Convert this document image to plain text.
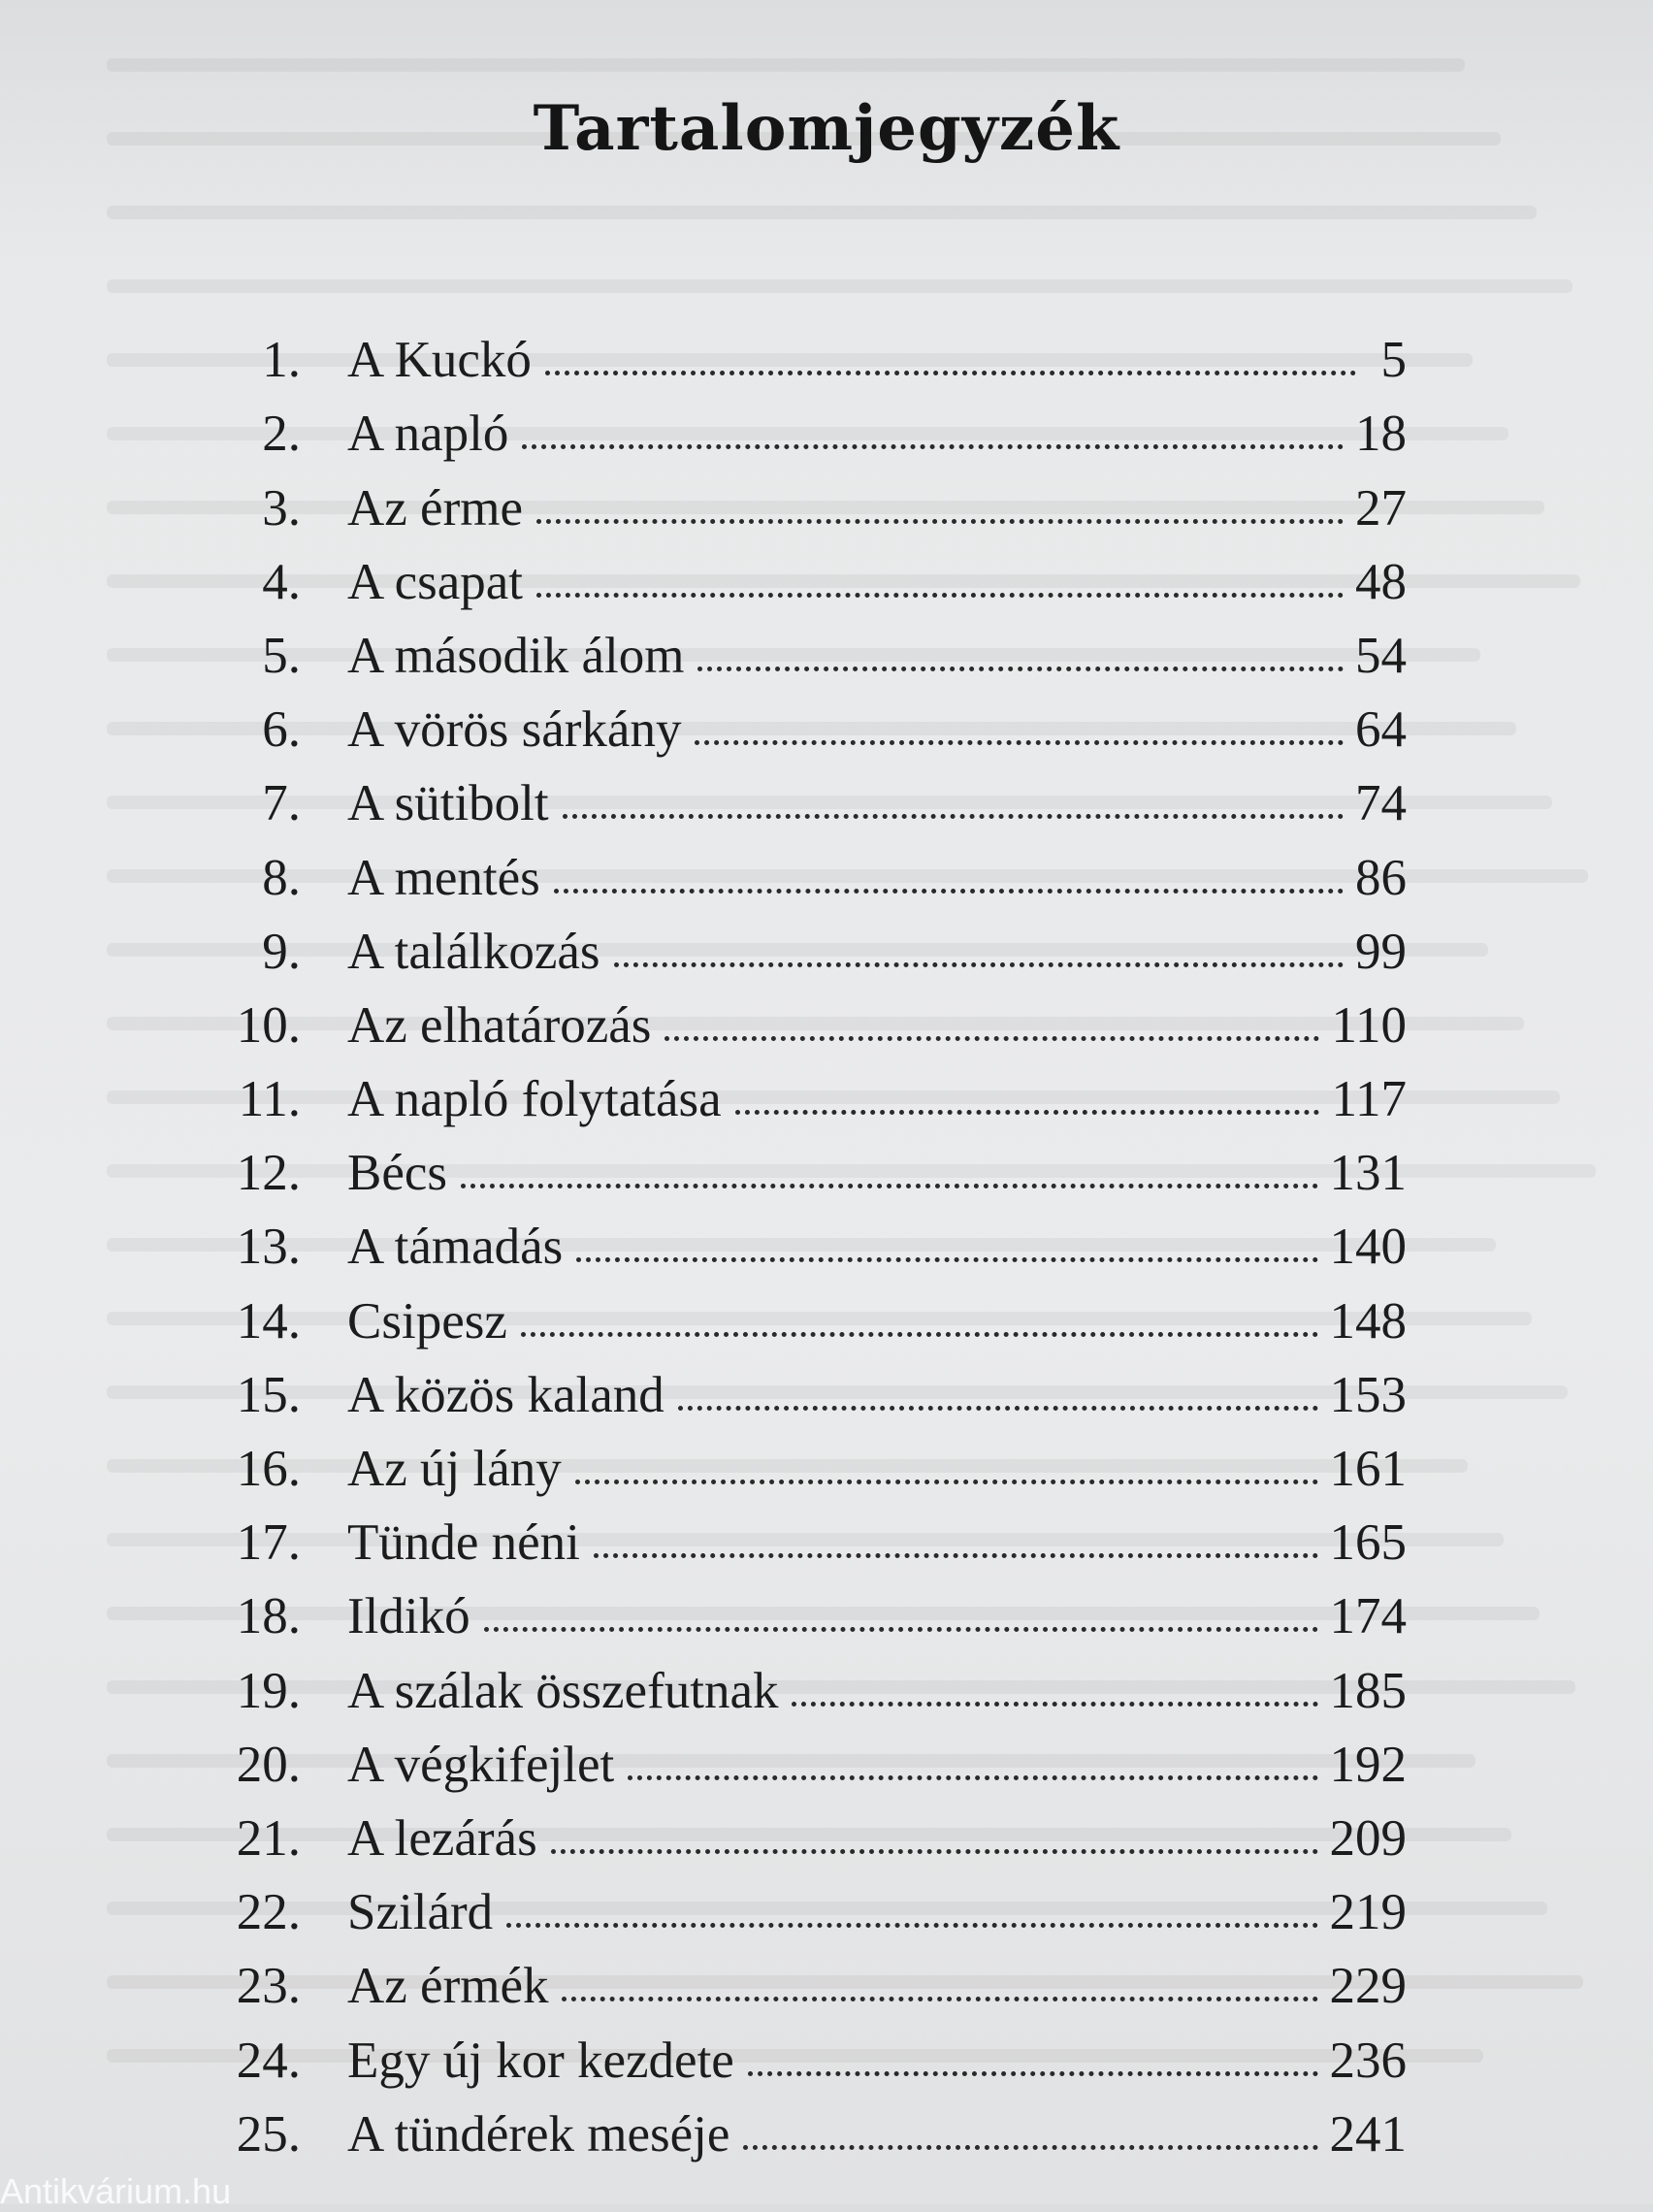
Tartalomjegyzék
1. A Kuckó	5
2. A napló	18
3. Az érme	27
4. A csapat	48
5. A második álom	54
6. A vörös sárkány	64
7. A sütibolt	74
8. A mentés	86
9. A találkozás	99
10. Az elhatározás	110
11. A napló folytatása	117
12. Bécs	131
13. A támadás	140
14. Csipesz	148
15. A közös kaland	153
16. Az új lány	161
17. Tünde néni	165
18. Ildikó	174
19. A szálak összefutnak	185
20. A végkifejlet	192
21. A lezárás	209
22. Szilárd	219
23. Az érmék	229
24. Egy új kor kezdete	236
25. A tündérek meséje	241
Antikvárium.hu
